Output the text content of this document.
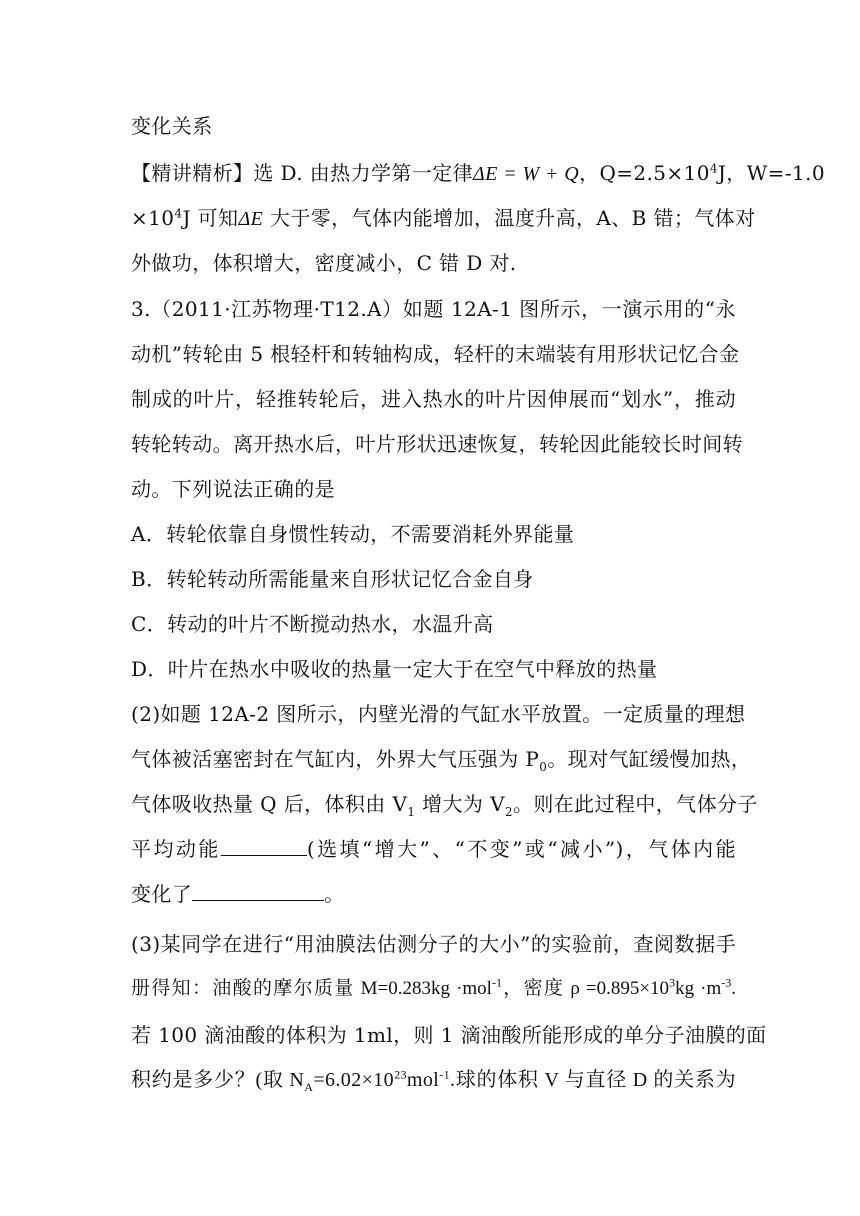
变化关系
【精讲精析】选 D. 由热力学第一定律ΔE = W + Q，$Q=2.5\times 10^4J$，W=-1.0
$\times 10^4J$ 可知ΔE 大于零，气体内能增加，温度升高，A、B 错；气体对
外做功，体积增大，密度减小，C 错 D 对.
3.（2011·江苏物理·T12.A）如题 12A-1 图所示，一演示用的“永
动机”转轮由 5 根轻杆和转轴构成，轻杆的末端装有用形状记忆合金
制成的叶片，轻推转轮后，进入热水的叶片因伸展而“划水”，推动
转轮转动。离开热水后，叶片形状迅速恢复，转轮因此能较长时间转
动。下列说法正确的是
A．转轮依靠自身惯性转动，不需要消耗外界能量
B．转轮转动所需能量来自形状记忆合金自身
C．转动的叶片不断搅动热水，水温升高
D．叶片在热水中吸收的热量一定大于在空气中释放的热量
(2)如题 12A-2 图所示，内壁光滑的气缸水平放置。一定质量的理想
气体被活塞密封在气缸内，外界大气压强为 $P_0$。现对气缸缓慢加热，
气体吸收热量 Q 后，体积由 $V_1$ 增大为 $V_2$。则在此过程中，气体分子
平均动能	(选填“增大”、“不变”或“减小”)，气体内能
变化了	。
(3)某同学在进行“用油膜法估测分子的大小”的实验前，查阅数据手
册得知：油酸的摩尔质量 M=0.283kg ·mol$^{-1}$，密度 $\rho =0.895\times 10^3kg \cdot m^{-3}$.
若 100 滴油酸的体积为 1ml，则 1 滴油酸所能形成的单分子油膜的面
积约是多少？(取 $N_A=6.02\times 10^{23}mol^{-1}$.球的体积 V 与直径 D 的关系为
